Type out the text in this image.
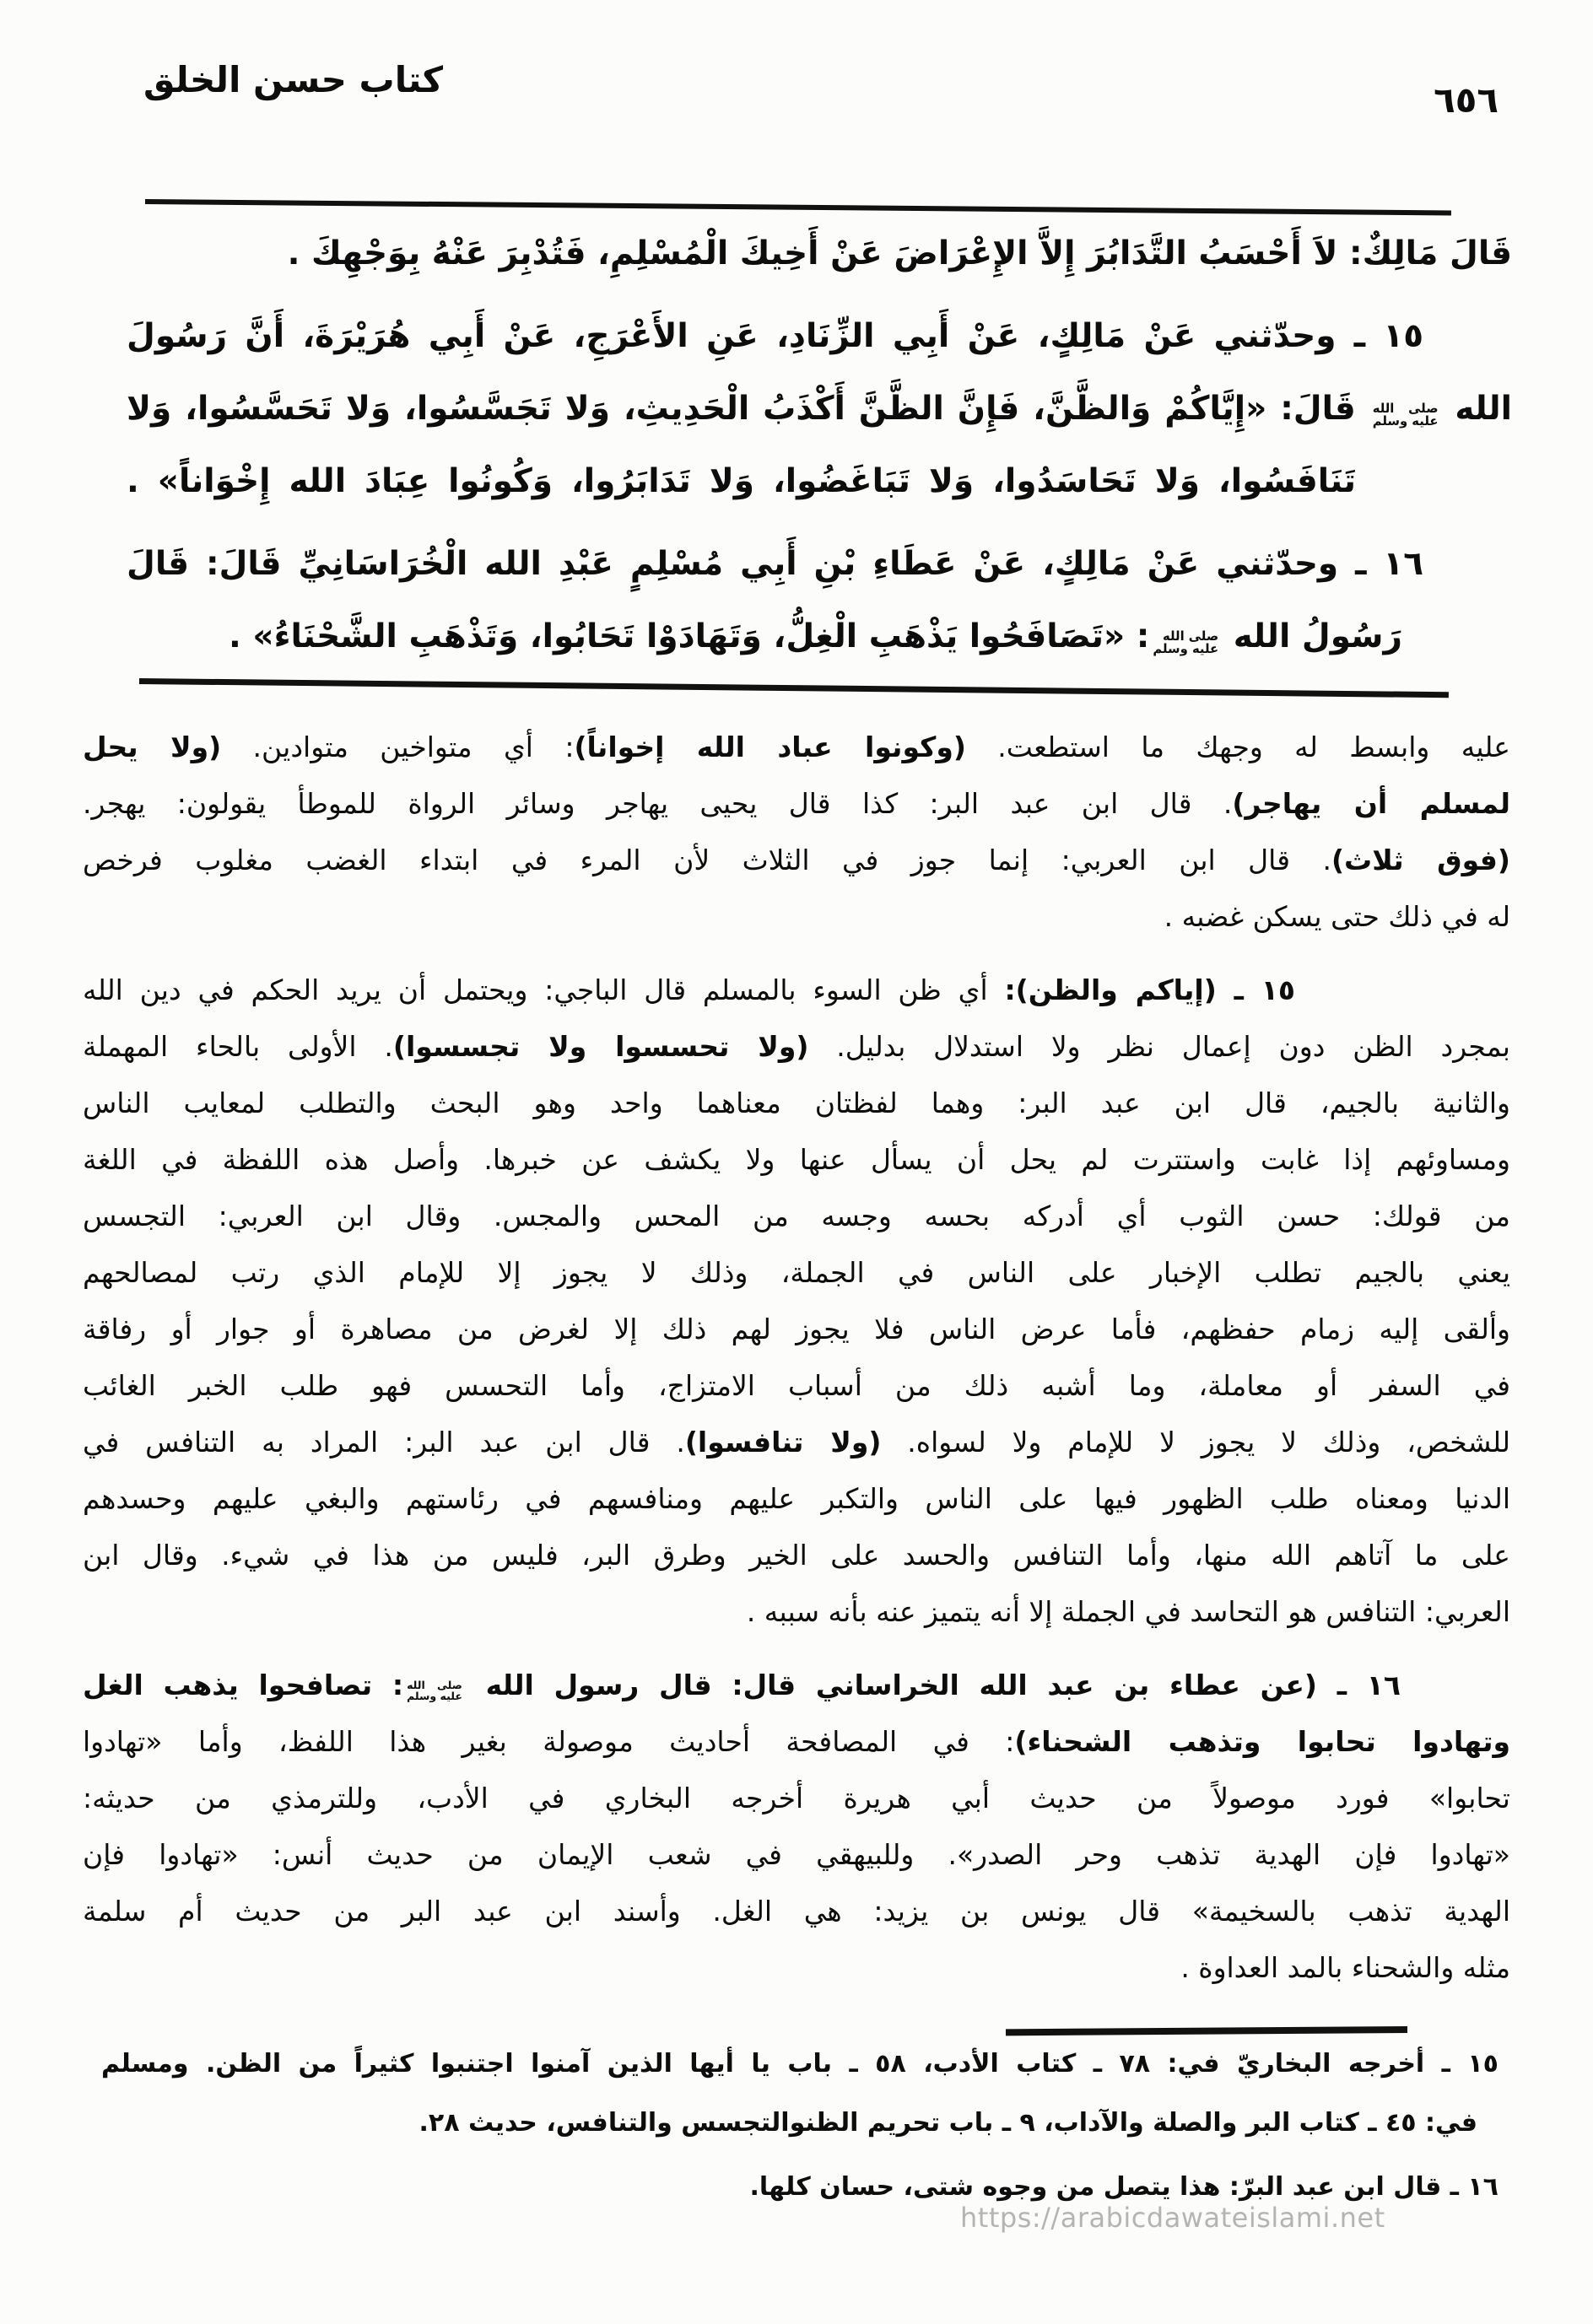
كتاب حسن الخلق	٦٥٦
قَالَ مَالِكٌ: لاَ أَحْسَبُ التَّدَابُرَ إِلاَّ الإِعْرَاضَ عَنْ أَخِيكَ الْمُسْلِمِ، فَتُدْبِرَ عَنْهُ بِوَجْهِكَ .
١٥ ـ وحدّثني عَنْ مَالِكٍ، عَنْ أَبِي الزِّنَادِ، عَنِ الأَعْرَجِ، عَنْ أَبِي هُرَيْرَةَ، أَنَّ رَسُولَ
الله صلى الله
عليه وسلم قَالَ: «إِيَّاكُمْ وَالظَّنَّ، فَإِنَّ الظَّنَّ أَكْذَبُ الْحَدِيثِ، وَلا تَجَسَّسُوا، وَلا تَحَسَّسُوا، وَلا
تَنَافَسُوا، وَلا تَحَاسَدُوا، وَلا تَبَاغَضُوا، وَلا تَدَابَرُوا، وَكُونُوا عِبَادَ الله إِخْوَاناً» .
١٦ ـ وحدّثني عَنْ مَالِكٍ، عَنْ عَطَاءِ بْنِ أَبِي مُسْلِمٍ عَبْدِ الله الْخُرَاسَانِيِّ قَالَ: قَالَ
رَسُولُ الله صلى الله
عليه وسلم: «تَصَافَحُوا يَذْهَبِ الْغِلُّ، وَتَهَادَوْا تَحَابُوا، وَتَذْهَبِ الشَّحْنَاءُ» .
عليه وابسط له وجهك ما استطعت. (وكونوا عباد الله إخواناً): أي متواخين متوادين. (ولا يحل
لمسلم أن يهاجر). قال ابن عبد البر: كذا قال يحيى يهاجر وسائر الرواة للموطأ يقولون: يهجر.
(فوق ثلاث). قال ابن العربي: إنما جوز في الثلاث لأن المرء في ابتداء الغضب مغلوب فرخص
له في ذلك حتى يسكن غضبه .
١٥ ـ (إياكم والظن): أي ظن السوء بالمسلم قال الباجي: ويحتمل أن يريد الحكم في دين الله
بمجرد الظن دون إعمال نظر ولا استدلال بدليل. (ولا تحسسوا ولا تجسسوا). الأولى بالحاء المهملة
والثانية بالجيم، قال ابن عبد البر: وهما لفظتان معناهما واحد وهو البحث والتطلب لمعايب الناس
ومساوئهم إذا غابت واستترت لم يحل أن يسأل عنها ولا يكشف عن خبرها. وأصل هذه اللفظة في اللغة
من قولك: حسن الثوب أي أدركه بحسه وجسه من المحس والمجس. وقال ابن العربي: التجسس
يعني بالجيم تطلب الإخبار على الناس في الجملة، وذلك لا يجوز إلا للإمام الذي رتب لمصالحهم
وألقى إليه زمام حفظهم، فأما عرض الناس فلا يجوز لهم ذلك إلا لغرض من مصاهرة أو جوار أو رفاقة
في السفر أو معاملة، وما أشبه ذلك من أسباب الامتزاج، وأما التحسس فهو طلب الخبر الغائب
للشخص، وذلك لا يجوز لا للإمام ولا لسواه. (ولا تنافسوا). قال ابن عبد البر: المراد به التنافس في
الدنيا ومعناه طلب الظهور فيها على الناس والتكبر عليهم ومنافسهم في رئاستهم والبغي عليهم وحسدهم
على ما آتاهم الله منها، وأما التنافس والحسد على الخير وطرق البر، فليس من هذا في شيء. وقال ابن
العربي: التنافس هو التحاسد في الجملة إلا أنه يتميز عنه بأنه سببه .
١٦ ـ (عن عطاء بن عبد الله الخراساني قال: قال رسول الله صلى الله
عليه وسلم: تصافحوا يذهب الغل
وتهادوا تحابوا وتذهب الشحناء): في المصافحة أحاديث موصولة بغير هذا اللفظ، وأما «تهادوا
تحابوا» فورد موصولاً من حديث أبي هريرة أخرجه البخاري في الأدب، وللترمذي من حديثه:
«تهادوا فإن الهدية تذهب وحر الصدر». وللبيهقي في شعب الإيمان من حديث أنس: «تهادوا فإن
الهدية تذهب بالسخيمة» قال يونس بن يزيد: هي الغل. وأسند ابن عبد البر من حديث أم سلمة
مثله والشحناء بالمد العداوة .
١٥ ـ أخرجه البخاريّ في: ٧٨ ـ كتاب الأدب، ٥٨ ـ باب يا أيها الذين آمنوا اجتنبوا كثيراً من الظن. ومسلم
في: ٤٥ ـ كتاب البر والصلة والآداب، ٩ ـ باب تحريم الظنوالتجسس والتنافس، حديث ٢٨.
١٦ ـ قال ابن عبد البرّ: هذا يتصل من وجوه شتى، حسان كلها.
https://arabicdawateislami.net
